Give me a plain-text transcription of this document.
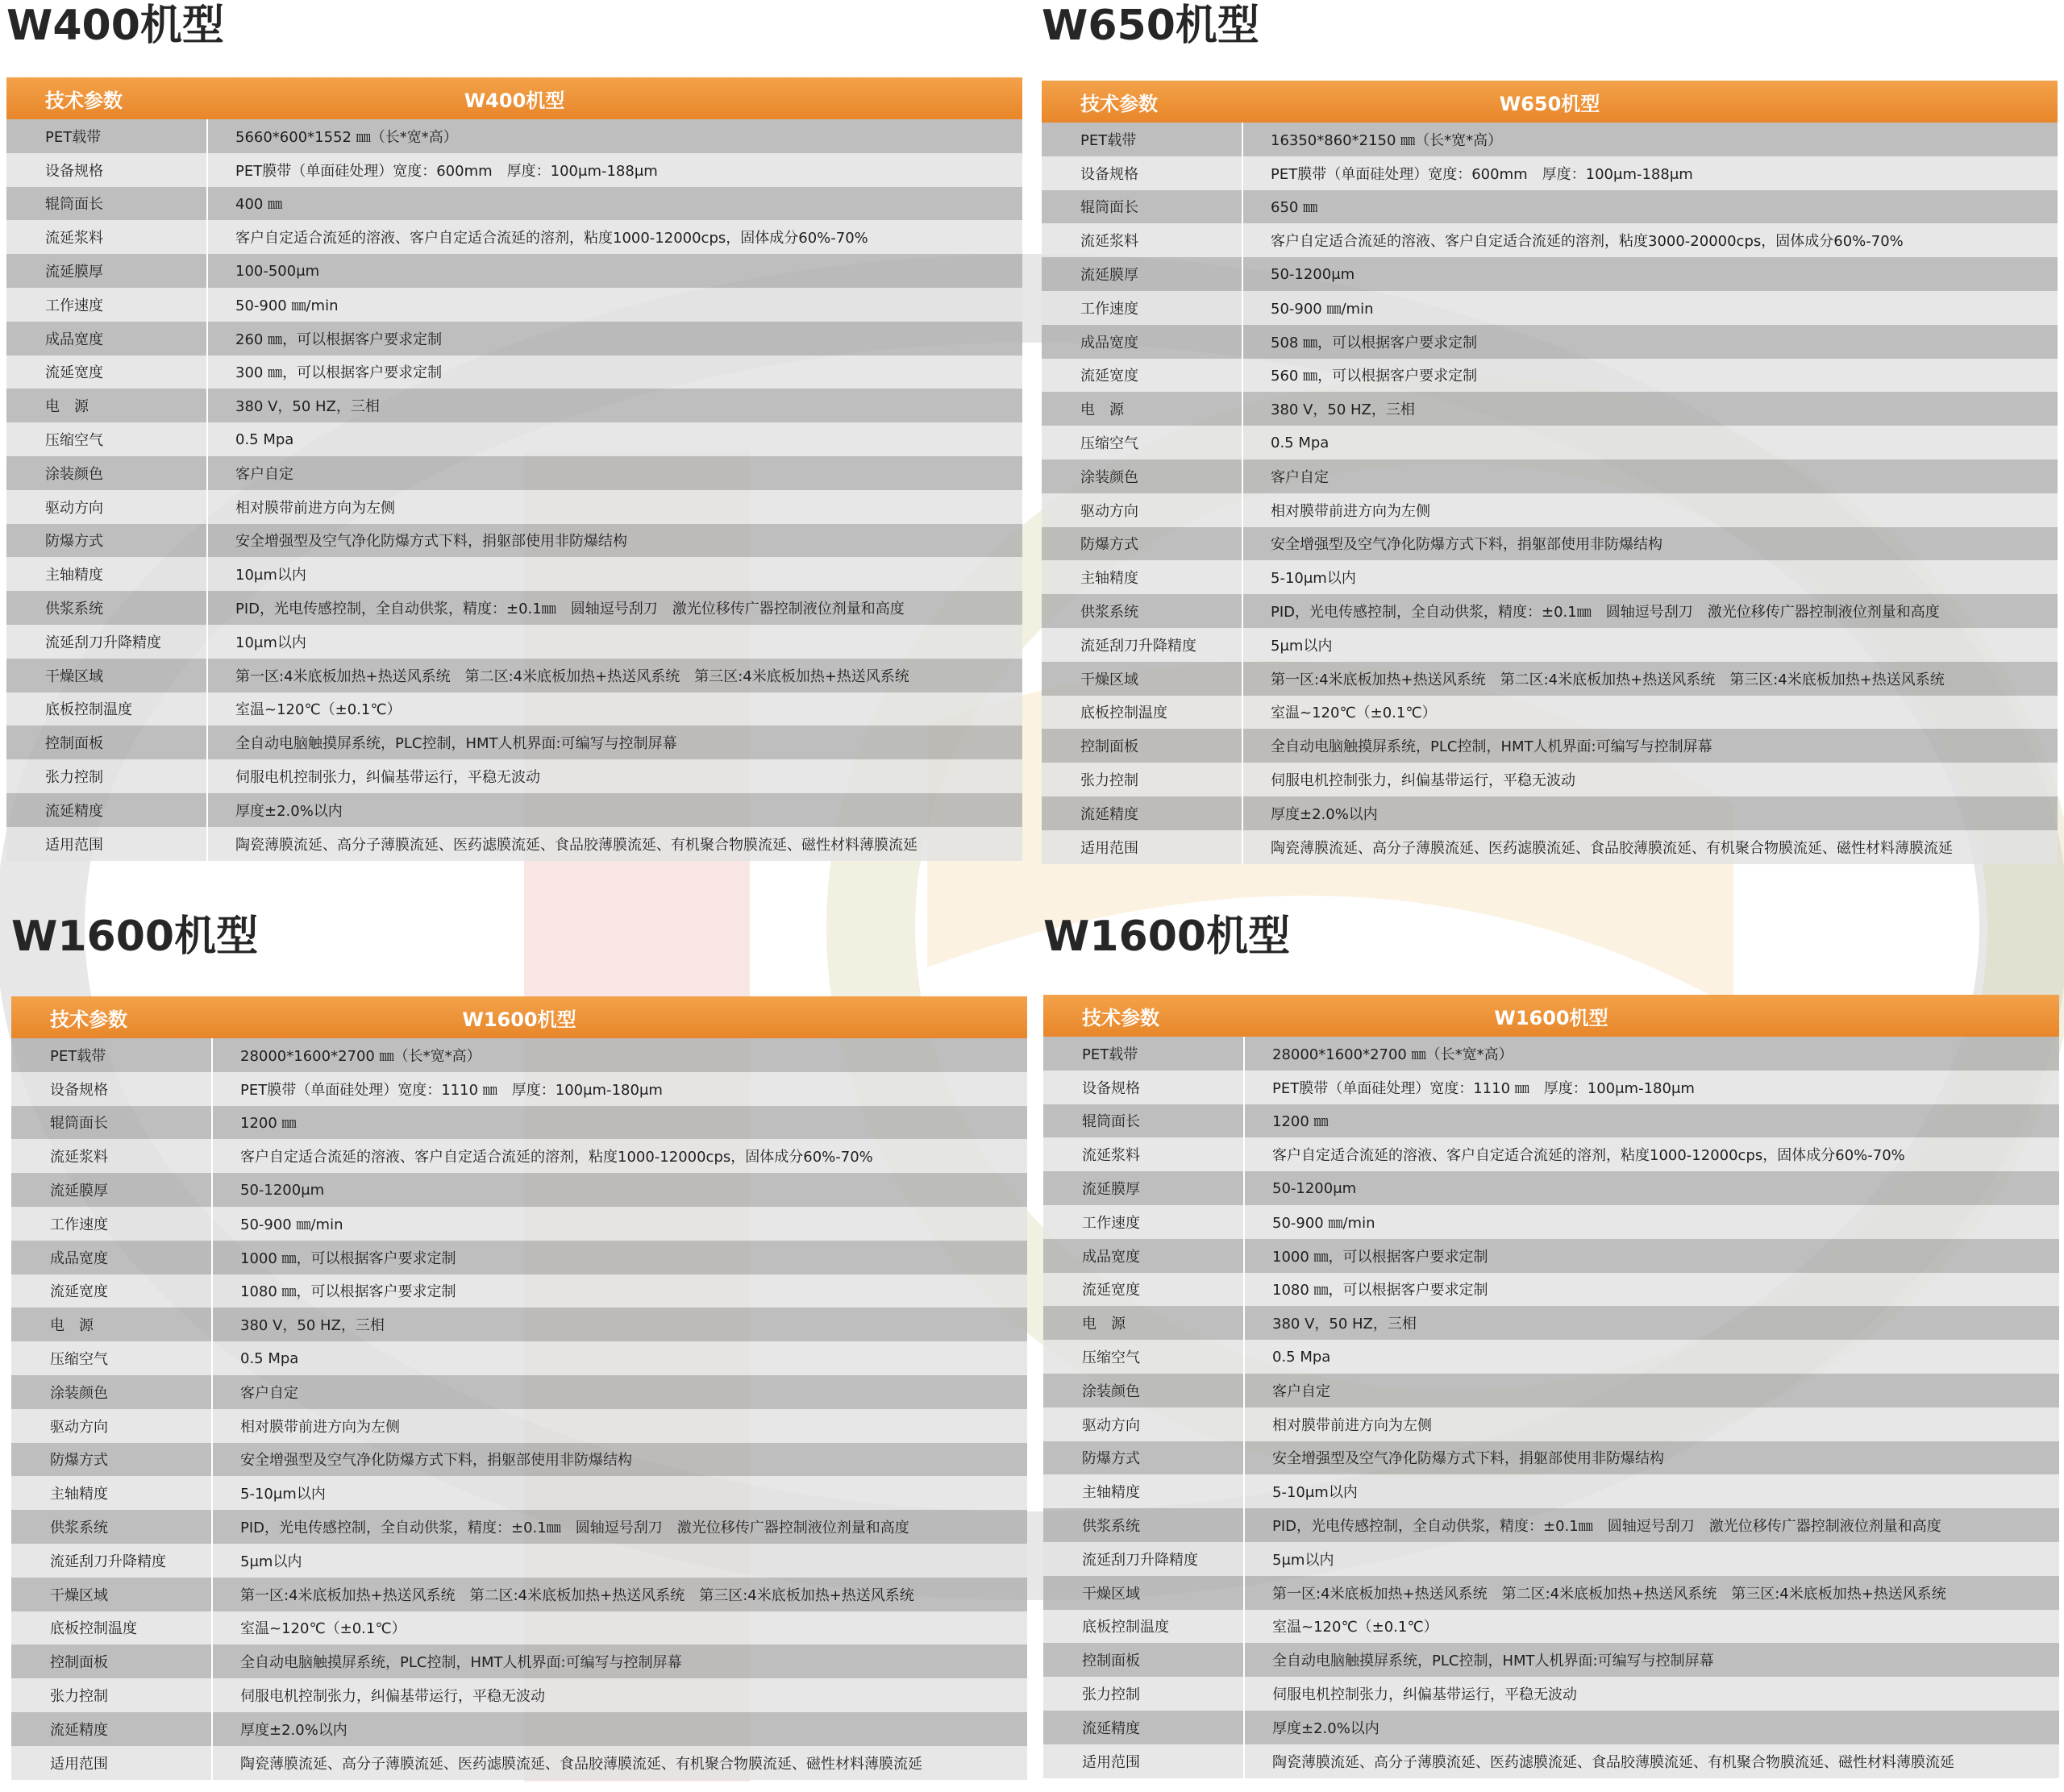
W400机型
技术参数	W400机型
PET载带	5660*600*1552 ㎜（长*宽*高）
设备规格	PET膜带（单面硅处理）宽度：600mm　厚度：100μm-188μm
辊筒面长	400 ㎜
流延浆料	客户自定适合流延的溶液、客户自定适合流延的溶剂，粘度1000-12000cps，固体成分60%-70%
流延膜厚	100-500μm
工作速度	50-900 ㎜/min
成品宽度	260 ㎜，可以根据客户要求定制
流延宽度	300 ㎜，可以根据客户要求定制
电　源	380 V，50 HZ，三相
压缩空气	0.5 Mpa
涂装颜色	客户自定
驱动方向	相对膜带前进方向为左侧
防爆方式	安全增强型及空气净化防爆方式下料，捐躯部使用非防爆结构
主轴精度	10μm以内
供浆系统	PID，光电传感控制，全自动供浆，精度：±0.1㎜　圆轴逗号刮刀　激光位移传广器控制液位剂量和高度
流延刮刀升降精度	10μm以内
干燥区域	第一区:4米底板加热+热送风系统　第二区:4米底板加热+热送风系统　第三区:4米底板加热+热送风系统
底板控制温度	室温~120℃（±0.1℃）
控制面板	全自动电脑触摸屏系统，PLC控制，HMT人机界面:可编写与控制屏幕
张力控制	伺服电机控制张力，纠偏基带运行，平稳无波动
流延精度	厚度±2.0%以内
适用范围	陶瓷薄膜流延、高分子薄膜流延、医药滤膜流延、食品胶薄膜流延、有机聚合物膜流延、磁性材料薄膜流延
W650机型
技术参数	W650机型
PET载带	16350*860*2150 ㎜（长*宽*高）
设备规格	PET膜带（单面硅处理）宽度：600mm　厚度：100μm-188μm
辊筒面长	650 ㎜
流延浆料	客户自定适合流延的溶液、客户自定适合流延的溶剂，粘度3000-20000cps，固体成分60%-70%
流延膜厚	50-1200μm
工作速度	50-900 ㎜/min
成品宽度	508 ㎜，可以根据客户要求定制
流延宽度	560 ㎜，可以根据客户要求定制
电　源	380 V，50 HZ，三相
压缩空气	0.5 Mpa
涂装颜色	客户自定
驱动方向	相对膜带前进方向为左侧
防爆方式	安全增强型及空气净化防爆方式下料，捐躯部使用非防爆结构
主轴精度	5-10μm以内
供浆系统	PID，光电传感控制，全自动供浆，精度：±0.1㎜　圆轴逗号刮刀　激光位移传广器控制液位剂量和高度
流延刮刀升降精度	5μm以内
干燥区域	第一区:4米底板加热+热送风系统　第二区:4米底板加热+热送风系统　第三区:4米底板加热+热送风系统
底板控制温度	室温~120℃（±0.1℃）
控制面板	全自动电脑触摸屏系统，PLC控制，HMT人机界面:可编写与控制屏幕
张力控制	伺服电机控制张力，纠偏基带运行，平稳无波动
流延精度	厚度±2.0%以内
适用范围	陶瓷薄膜流延、高分子薄膜流延、医药滤膜流延、食品胶薄膜流延、有机聚合物膜流延、磁性材料薄膜流延
W1600机型
技术参数	W1600机型
PET载带	28000*1600*2700 ㎜（长*宽*高）
设备规格	PET膜带（单面硅处理）宽度：1110 ㎜　厚度：100μm-180μm
辊筒面长	1200 ㎜
流延浆料	客户自定适合流延的溶液、客户自定适合流延的溶剂，粘度1000-12000cps，固体成分60%-70%
流延膜厚	50-1200μm
工作速度	50-900 ㎜/min
成品宽度	1000 ㎜，可以根据客户要求定制
流延宽度	1080 ㎜，可以根据客户要求定制
电　源	380 V，50 HZ，三相
压缩空气	0.5 Mpa
涂装颜色	客户自定
驱动方向	相对膜带前进方向为左侧
防爆方式	安全增强型及空气净化防爆方式下料，捐躯部使用非防爆结构
主轴精度	5-10μm以内
供浆系统	PID，光电传感控制，全自动供浆，精度：±0.1㎜　圆轴逗号刮刀　激光位移传广器控制液位剂量和高度
流延刮刀升降精度	5μm以内
干燥区域	第一区:4米底板加热+热送风系统　第二区:4米底板加热+热送风系统　第三区:4米底板加热+热送风系统
底板控制温度	室温~120℃（±0.1℃）
控制面板	全自动电脑触摸屏系统，PLC控制，HMT人机界面:可编写与控制屏幕
张力控制	伺服电机控制张力，纠偏基带运行，平稳无波动
流延精度	厚度±2.0%以内
适用范围	陶瓷薄膜流延、高分子薄膜流延、医药滤膜流延、食品胶薄膜流延、有机聚合物膜流延、磁性材料薄膜流延
W1600机型
技术参数	W1600机型
PET载带	28000*1600*2700 ㎜（长*宽*高）
设备规格	PET膜带（单面硅处理）宽度：1110 ㎜　厚度：100μm-180μm
辊筒面长	1200 ㎜
流延浆料	客户自定适合流延的溶液、客户自定适合流延的溶剂，粘度1000-12000cps，固体成分60%-70%
流延膜厚	50-1200μm
工作速度	50-900 ㎜/min
成品宽度	1000 ㎜，可以根据客户要求定制
流延宽度	1080 ㎜，可以根据客户要求定制
电　源	380 V，50 HZ，三相
压缩空气	0.5 Mpa
涂装颜色	客户自定
驱动方向	相对膜带前进方向为左侧
防爆方式	安全增强型及空气净化防爆方式下料，捐躯部使用非防爆结构
主轴精度	5-10μm以内
供浆系统	PID，光电传感控制，全自动供浆，精度：±0.1㎜　圆轴逗号刮刀　激光位移传广器控制液位剂量和高度
流延刮刀升降精度	5μm以内
干燥区域	第一区:4米底板加热+热送风系统　第二区:4米底板加热+热送风系统　第三区:4米底板加热+热送风系统
底板控制温度	室温~120℃（±0.1℃）
控制面板	全自动电脑触摸屏系统，PLC控制，HMT人机界面:可编写与控制屏幕
张力控制	伺服电机控制张力，纠偏基带运行，平稳无波动
流延精度	厚度±2.0%以内
适用范围	陶瓷薄膜流延、高分子薄膜流延、医药滤膜流延、食品胶薄膜流延、有机聚合物膜流延、磁性材料薄膜流延
